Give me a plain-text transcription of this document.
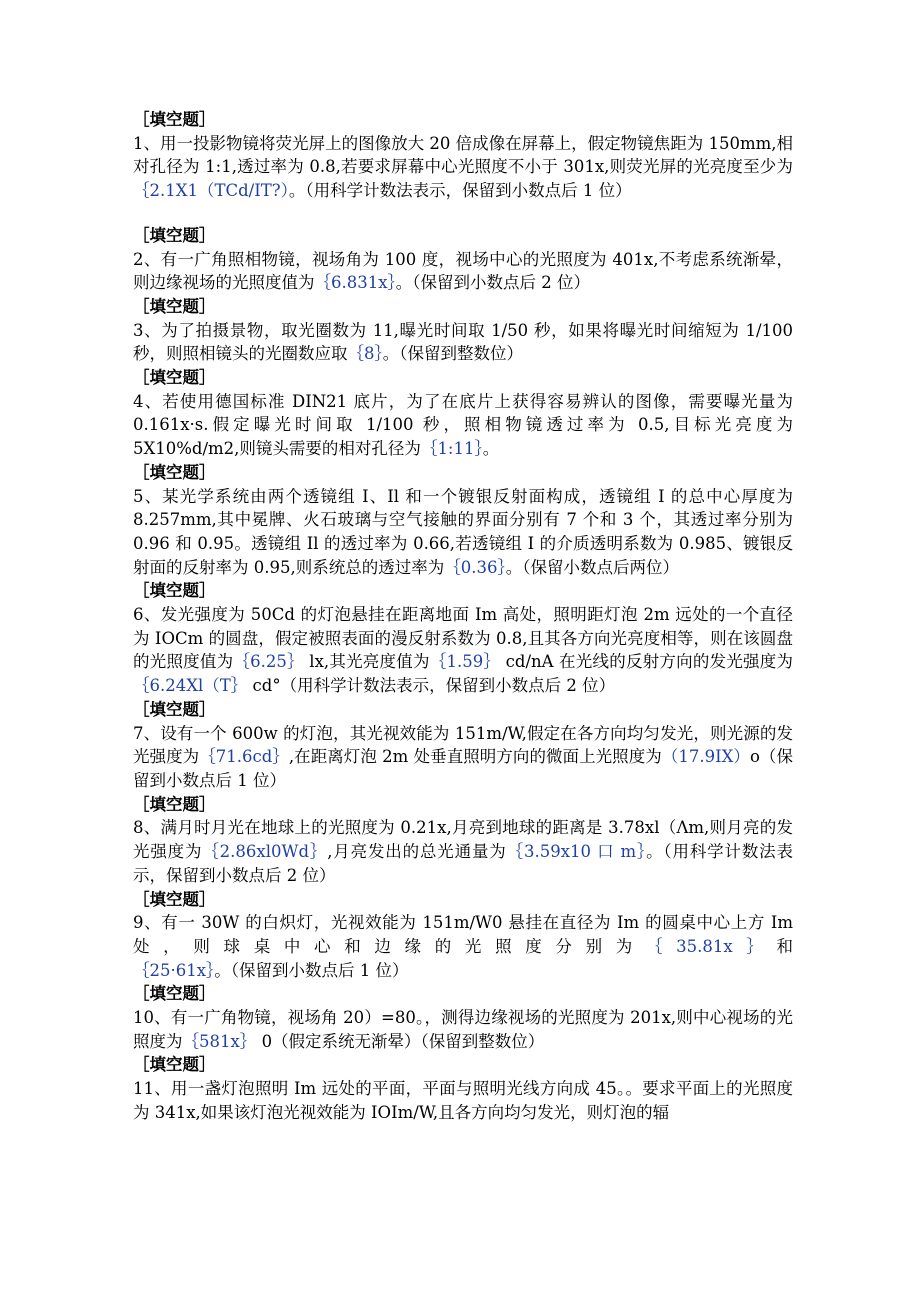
［填空题］

1、用一投影物镜将荧光屏上的图像放大 20 倍成像在屏幕上，假定物镜焦距为 150mm,相对孔径为 1:1,透过率为 0.8,若要求屏幕中心光照度不小于 301x,则荧光屏的光亮度至少为｛2.1X1（TCd/IT?）。（用科学计数法表示，保留到小数点后 1 位）

［填空题］

2、有一广角照相物镜，视场角为 100 度，视场中心的光照度为 401x,不考虑系统渐晕，则边缘视场的光照度值为｛6.831x｝。（保留到小数点后 2 位）

［填空题］

3、为了拍摄景物，取光圈数为 11,曝光时间取 1/50 秒，如果将曝光时间缩短为 1/100 秒，则照相镜头的光圈数应取｛8｝。（保留到整数位）

［填空题］

4、若使用德国标准 DIN21 底片，为了在底片上获得容易辨认的图像，需要曝光量为 0.161x·s.假定曝光时间取 1/100 秒，照相物镜透过率为 0.5,目标光亮度为 5X10%d∕m2,则镜头需要的相对孔径为｛1:11｝。

［填空题］

5、某光学系统由两个透镜组 I、Il 和一个镀银反射面构成，透镜组 I 的总中心厚度为 8.257mm,其中冕牌、火石玻璃与空气接触的界面分别有 7 个和 3 个，其透过率分别为 0.96 和 0.95。透镜组 Il 的透过率为 0.66,若透镜组 I 的介质透明系数为 0.985、镀银反射面的反射率为 0.95,则系统总的透过率为｛0.36｝。（保留小数点后两位）

［填空题］

6、发光强度为 50Cd 的灯泡悬挂在距离地面 Im 高处，照明距灯泡 2m 远处的一个直径为 IOCm 的圆盘，假定被照表面的漫反射系数为 0.8,且其各方向光亮度相等，则在该圆盘的光照度值为｛6.25｝ lx,其光亮度值为｛1.59｝ cd/nA 在光线的反射方向的发光强度为｛6.24Xl（T｝ cd°（用科学计数法表示，保留到小数点后 2 位）

［填空题］

7、设有一个 600w 的灯泡，其光视效能为 151m∕W,假定在各方向均匀发光，则光源的发光强度为｛71.6cd｝,在距离灯泡 2m 处垂直照明方向的微面上光照度为（17.9IX）o（保留到小数点后 1 位）

［填空题］

8、满月时月光在地球上的光照度为 0.21x,月亮到地球的距离是 3.78xl（Λm,则月亮的发光强度为｛2.86xl0Wd｝,月亮发出的总光通量为｛3.59x10 口 m｝。（用科学计数法表示，保留到小数点后 2 位）

［填空题］

9、有一 30W 的白炽灯，光视效能为 151m∕W0 悬挂在直径为 Im 的圆桌中心上方 Im 处，则球桌中心和边缘的光照度分别为｛35.81x｝和｛25·61x｝。（保留到小数点后 1 位）

［填空题］

10、有一广角物镜，视场角 20）=80。，测得边缘视场的光照度为 201x,则中心视场的光照度为｛581x｝ 0（假定系统无渐晕）（保留到整数位）

［填空题］

11、用一盏灯泡照明 Im 远处的平面，平面与照明光线方向成 45。。要求平面上的光照度为 341x,如果该灯泡光视效能为 IOIm/W,且各方向均匀发光，则灯泡的辐
